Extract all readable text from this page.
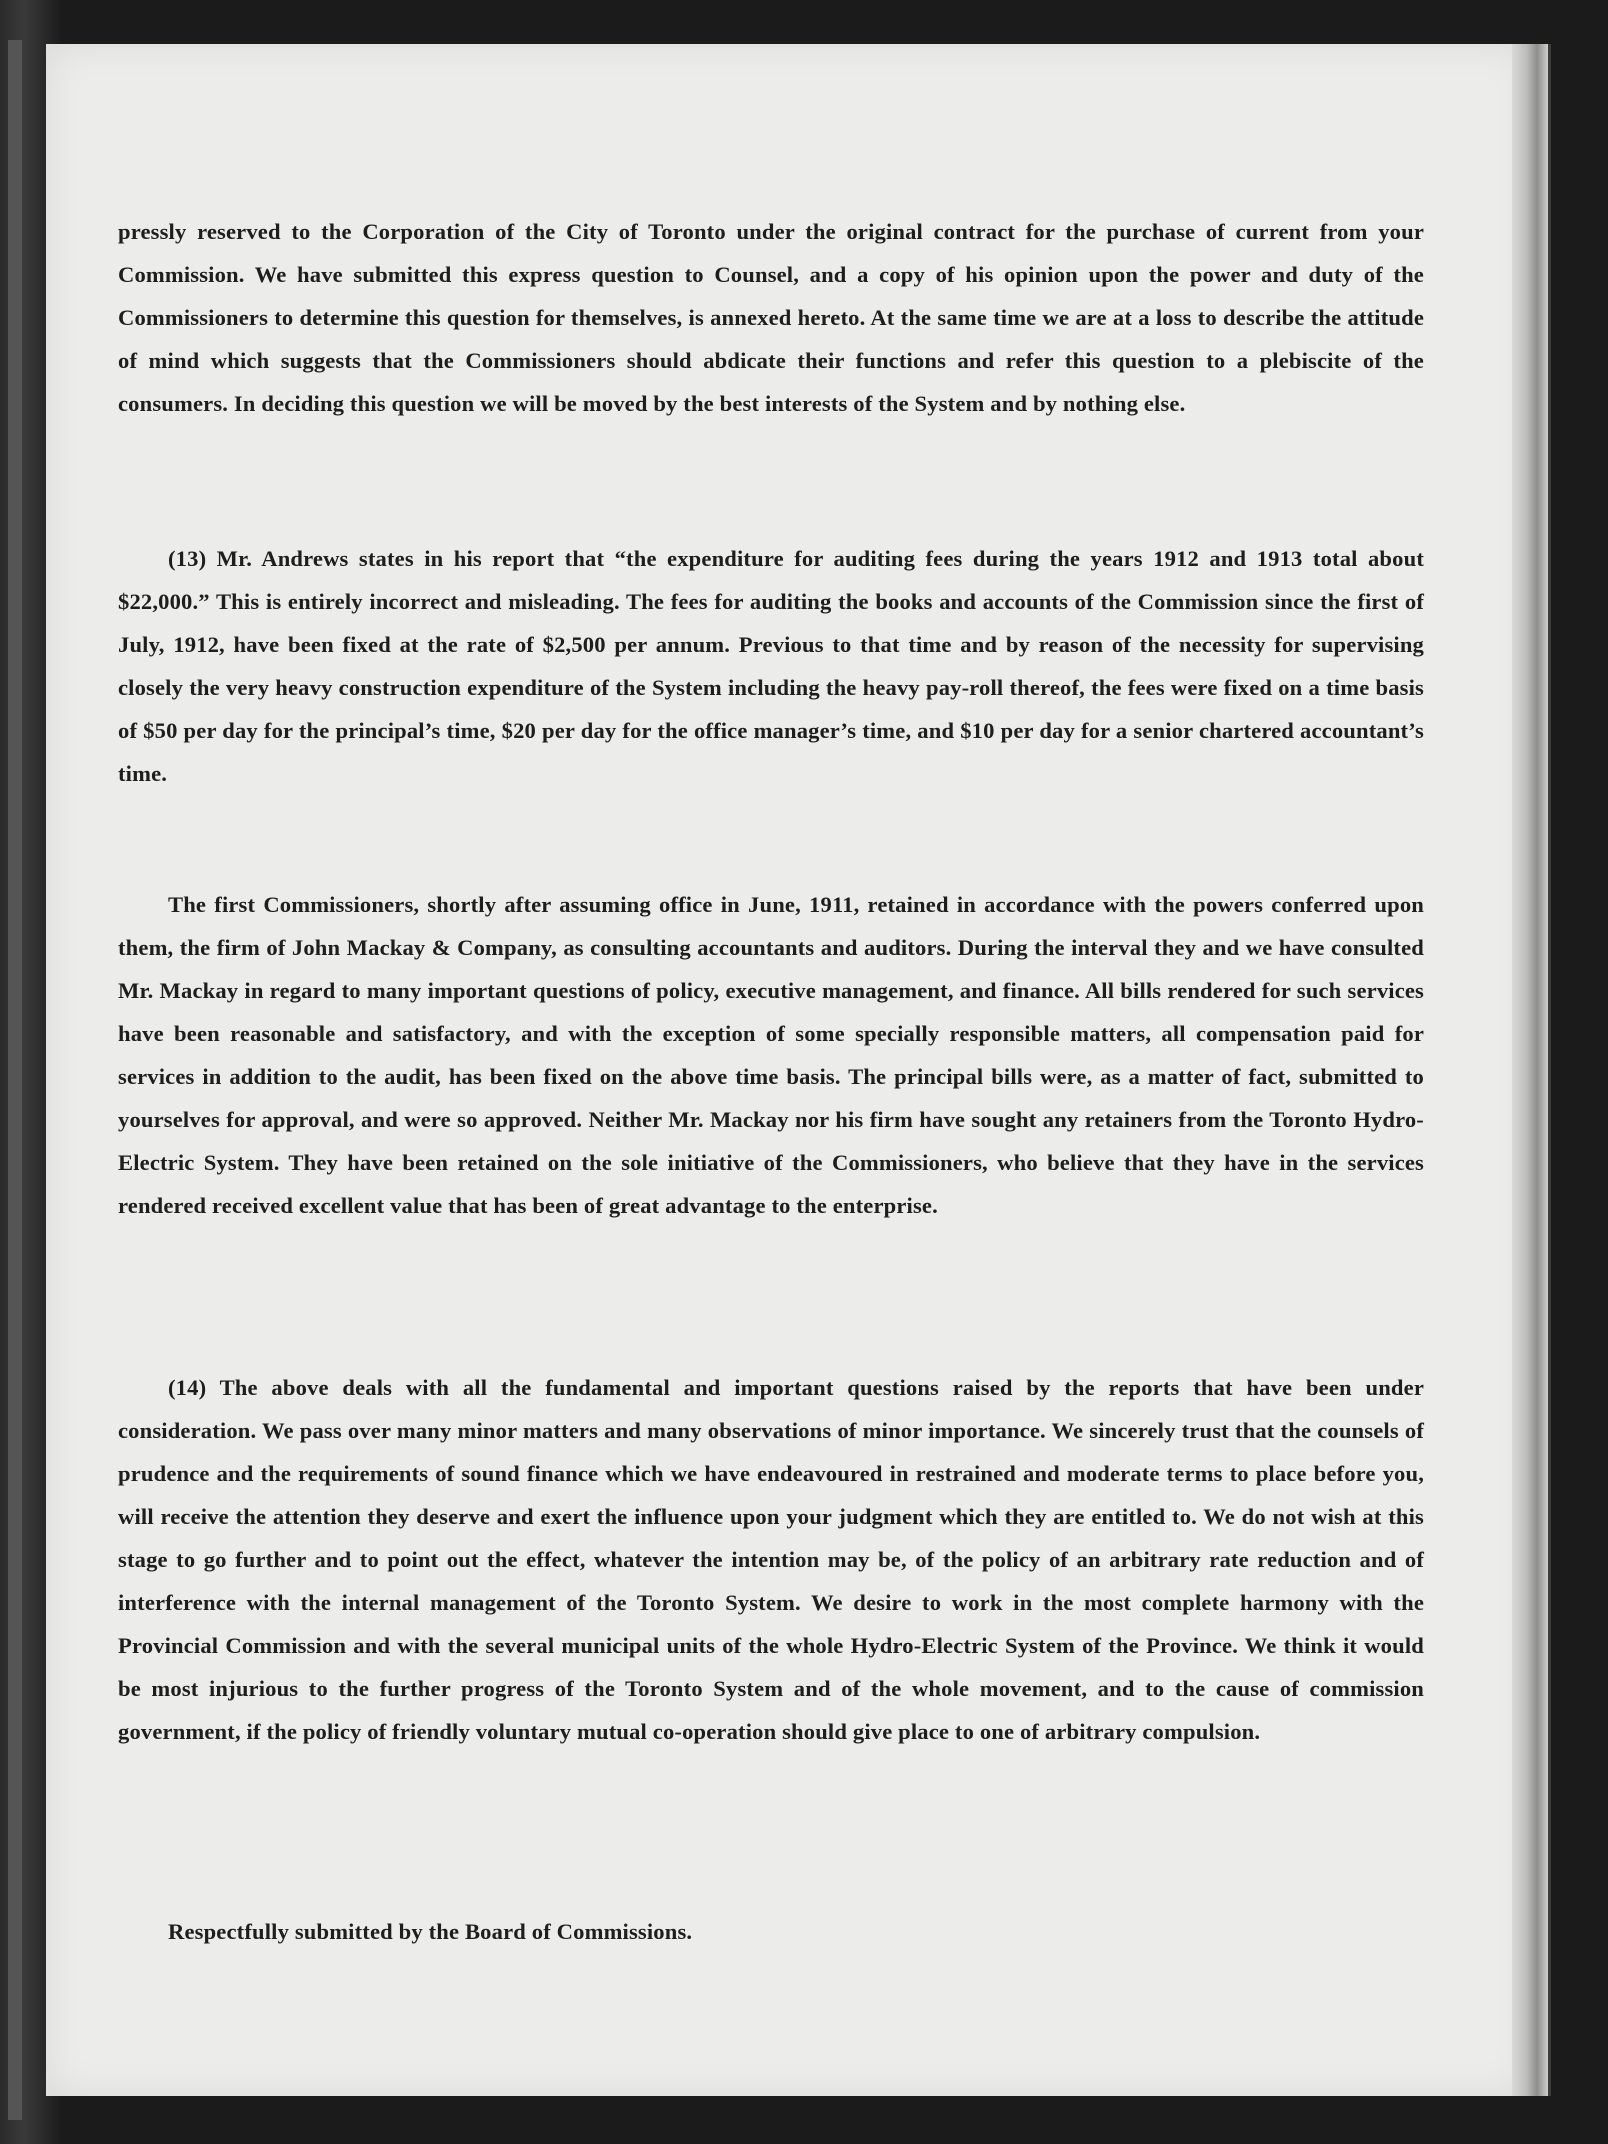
pressly reserved to the Corporation of the City of Toronto under the original contract for the purchase of current from your Commission. We have submitted this express question to Counsel, and a copy of his opinion upon the power and duty of the Commissioners to determine this question for themselves, is annexed hereto. At the same time we are at a loss to describe the attitude of mind which suggests that the Commissioners should abdicate their functions and refer this question to a plebiscite of the consumers. In deciding this question we will be moved by the best interests of the System and by nothing else.

(13) Mr. Andrews states in his report that “the expenditure for auditing fees during the years 1912 and 1913 total about $22,000.” This is entirely incorrect and misleading. The fees for auditing the books and accounts of the Commission since the first of July, 1912, have been fixed at the rate of $2,500 per annum. Previous to that time and by reason of the necessity for supervising closely the very heavy construction expenditure of the System including the heavy pay-roll thereof, the fees were fixed on a time basis of $50 per day for the principal’s time, $20 per day for the office manager’s time, and $10 per day for a senior chartered accountant’s time.

The first Commissioners, shortly after assuming office in June, 1911, retained in accordance with the powers conferred upon them, the firm of John Mackay & Company, as consulting accountants and auditors. During the interval they and we have consulted Mr. Mackay in regard to many important questions of policy, executive management, and finance. All bills rendered for such services have been reasonable and satisfactory, and with the exception of some specially responsible matters, all compensation paid for services in addition to the audit, has been fixed on the above time basis. The principal bills were, as a matter of fact, submitted to yourselves for approval, and were so approved. Neither Mr. Mackay nor his firm have sought any retainers from the Toronto Hydro-Electric System. They have been retained on the sole initiative of the Commissioners, who believe that they have in the services rendered received excellent value that has been of great advantage to the enterprise.

(14) The above deals with all the fundamental and important questions raised by the reports that have been under consideration. We pass over many minor matters and many observations of minor importance. We sincerely trust that the counsels of prudence and the requirements of sound finance which we have endeavoured in restrained and moderate terms to place before you, will receive the attention they deserve and exert the influence upon your judgment which they are entitled to. We do not wish at this stage to go further and to point out the effect, whatever the intention may be, of the policy of an arbitrary rate reduction and of interference with the internal management of the Toronto System. We desire to work in the most complete harmony with the Provincial Commission and with the several municipal units of the whole Hydro-Electric System of the Province. We think it would be most injurious to the further progress of the Toronto System and of the whole movement, and to the cause of commission government, if the policy of friendly voluntary mutual co-operation should give place to one of arbitrary compulsion.

Respectfully submitted by the Board of Commissions.
